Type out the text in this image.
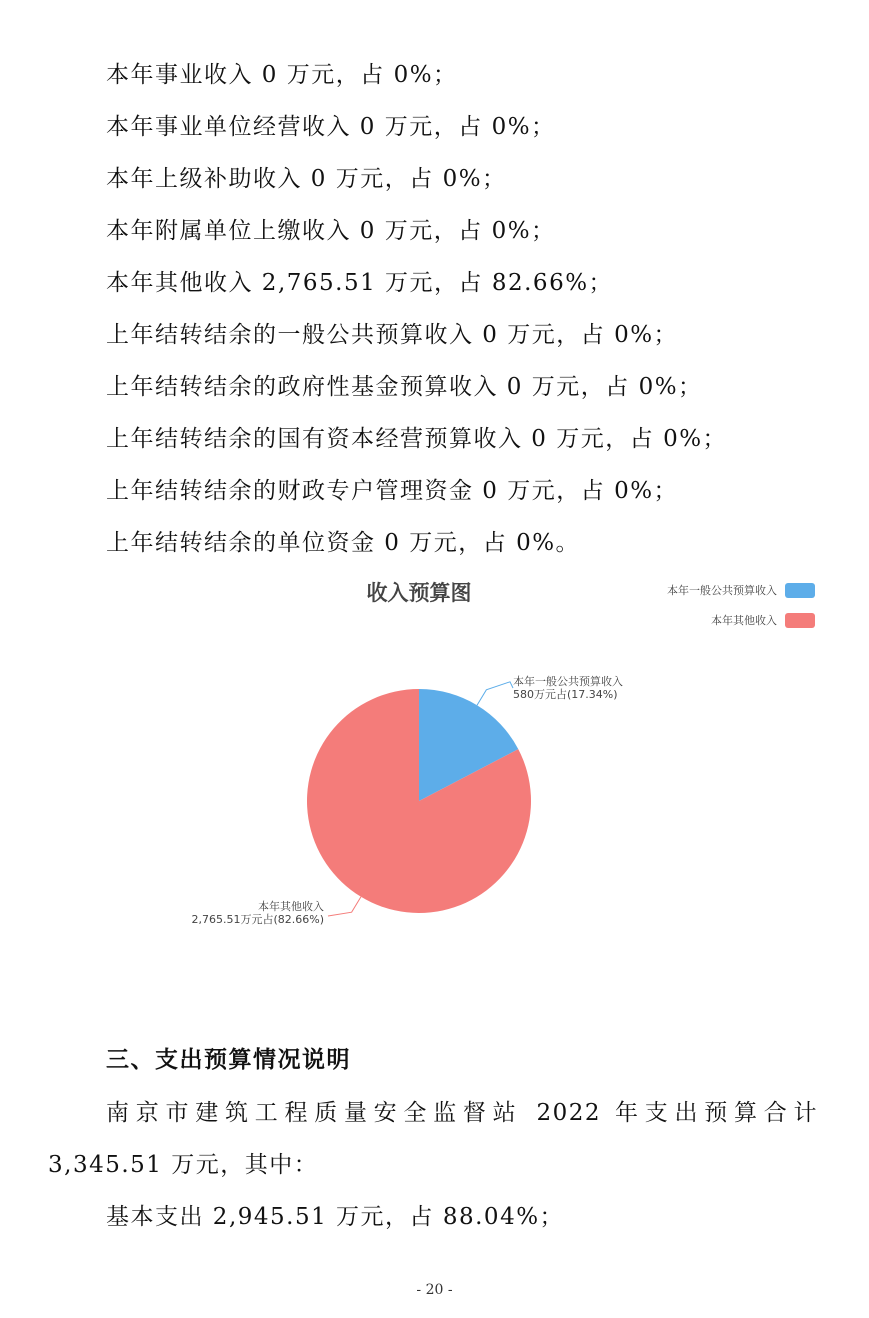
本年事业收入 0 万元，占 0%；
本年事业单位经营收入 0 万元，占 0%；
本年上级补助收入 0 万元，占 0%；
本年附属单位上缴收入 0 万元，占 0%；
本年其他收入 2,765.51 万元，占 82.66%；
上年结转结余的一般公共预算收入 0 万元，占 0%；
上年结转结余的政府性基金预算收入 0 万元，占 0%；
上年结转结余的国有资本经营预算收入 0 万元，占 0%；
上年结转结余的财政专户管理资金 0 万元，占 0%；
上年结转结余的单位资金 0 万元，占 0%。
收入预算图	本年一般公共预算收入
本年其他收入
本年一般公共预算收入
580万元占(17.34%)
本年其他收入
2,765.51万元占(82.66%)
三、支出预算情况说明
南京市建筑工程质量安全监督站 2022 年支出预算合计
3,345.51 万元，其中：
基本支出 2,945.51 万元，占 88.04%；
- 20 -
